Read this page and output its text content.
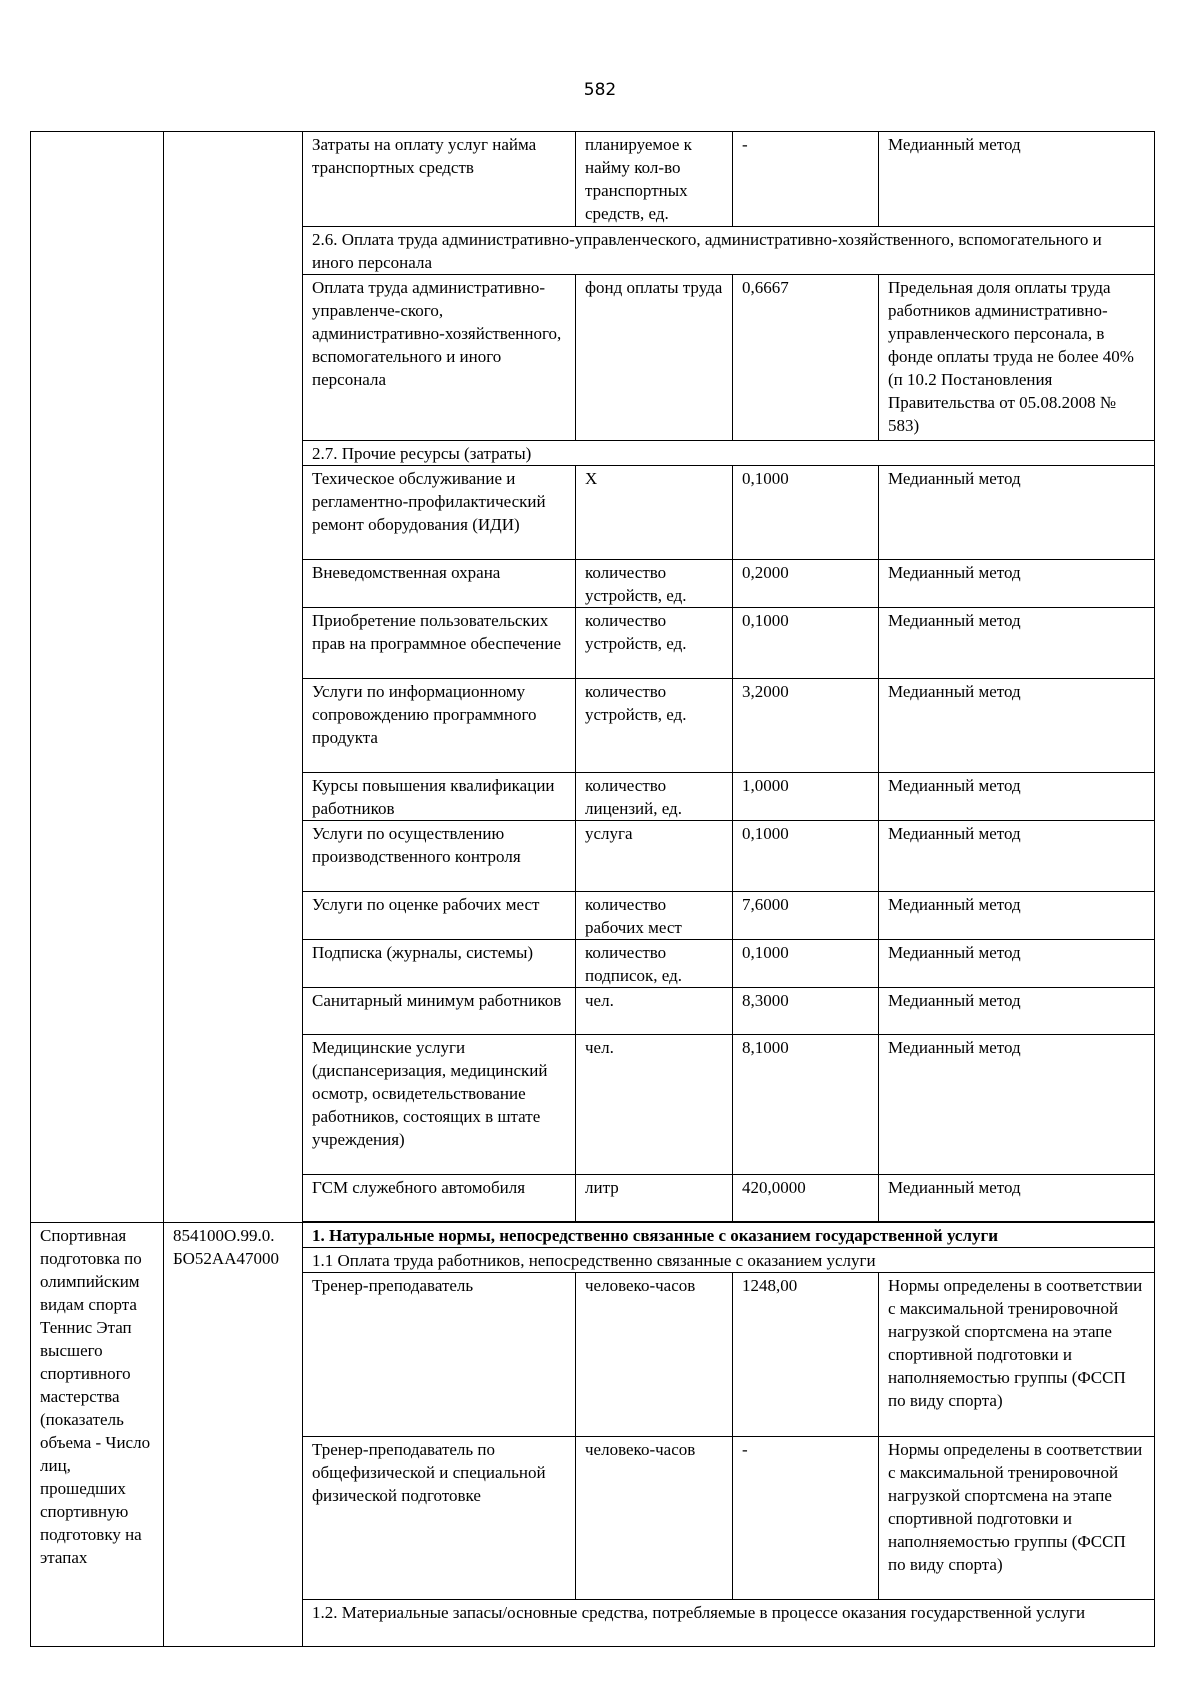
582
		Затраты на оплату услуг найма транспортных средств	планируемое к найму кол-во транспортных средств, ед.	-	Медианный метод
		2.6. Оплата труда административно-управленческого, административно-хозяйственного, вспомогательного и иного персонала			
		Оплата труда административно-управленче-ского, административно-хозяйственного, вспомогательного и иного персонала	фонд оплаты труда	0,6667	Предельная доля оплаты труда работников административно-управленческого персонала, в фонде оплаты труда не более 40% (п 10.2 Постановления Правительства от 05.08.2008 № 583)
		2.7. Прочие ресурсы (затраты)			
		Техическое обслуживание и регламентно-профилактический ремонт оборудования (ИДИ)	Х	0,1000	Медианный метод
		Вневедомственная охрана	количество устройств, ед.	0,2000	Медианный метод
		Приобретение пользовательских прав на программное обеспечение	количество устройств, ед.	0,1000	Медианный метод
		Услуги по информационному сопровождению программного продукта	количество устройств, ед.	3,2000	Медианный метод
		Курсы повышения квалификации работников	количество лицензий, ед.	1,0000	Медианный метод
		Услуги по осуществлению производственного контроля	услуга	0,1000	Медианный метод
		Услуги по оценке рабочих мест	количество рабочих мест	7,6000	Медианный метод
		Подписка (журналы, системы)	количество подписок, ед.	0,1000	Медианный метод
		Санитарный минимум работников	чел.	8,3000	Медианный метод
		Медицинские услуги (диспансеризация, медицинский осмотр, освидетельствование работников, состоящих в штате учреждения)	чел.	8,1000	Медианный метод
		ГСМ служебного автомобиля	литр	420,0000	Медианный метод

Спортивная подготовка по олимпийским видам спорта Теннис Этап высшего спортивного мастерства (показатель объема - Число лиц, прошедших спортивную подготовку на этапах	854100О.99.0. БО52АА47000	1. Натуральные нормы, непосредственно связанные с оказанием государственной услуги			
		1.1 Оплата труда работников, непосредственно связанные с оказанием услуги			
		Тренер-преподаватель	человеко-часов	1248,00	Нормы определены в соответствии с максимальной тренировочной нагрузкой спортсмена на этапе спортивной подготовки и наполняемостью группы (ФССП по виду спорта)
		Тренер-преподаватель по общефизической и специальной физической подготовке	человеко-часов	-	Нормы определены в соответствии с максимальной тренировочной нагрузкой спортсмена на этапе спортивной подготовки и наполняемостью группы (ФССП по виду спорта)
		1.2. Материальные запасы/основные средства, потребляемые в процессе оказания государственной услуги			
